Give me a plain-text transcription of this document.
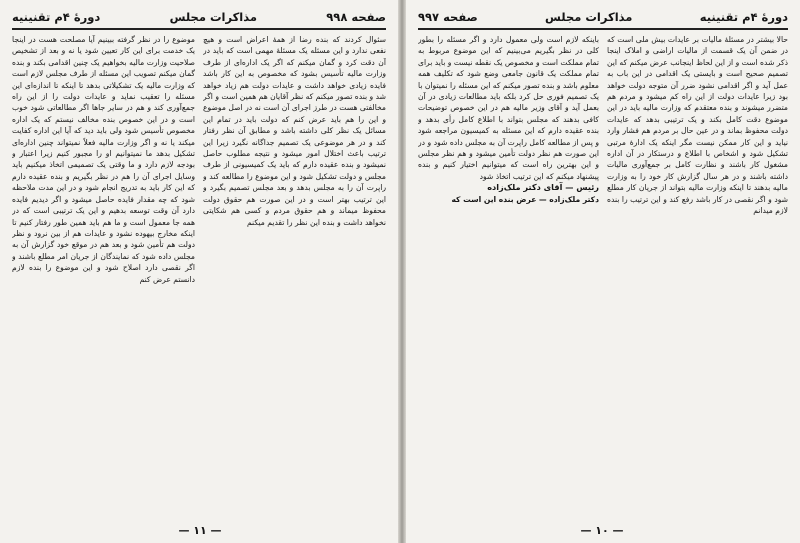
صفحه ۹۹۸
مذاکرات مجلس
دورهٔ ۴م تقنینیه

سئوال کردند که بنده رضا از همهٔ اعراض است و هیچ نفعی ندارد و این مسئله یک مسئلهٔ مهمی است که باید در آن دقت کرد و گمان میکنم که اگر یک اداره‌ای از طرف وزارت مالیه تأسیس بشود که مخصوص به این کار باشد فایده زیادی خواهد داشت و عایدات دولت هم زیاد خواهد شد و بنده تصور میکنم که نظر آقایان هم همین است و اگر مخالفتی هست در طرز اجرای آن است نه در اصل موضوع و این را هم باید عرض کنم که دولت باید در تمام این مسائل یک نظر کلی داشته باشد و مطابق آن نظر رفتار کند و در هر موضوعی یک تصمیم جداگانه نگیرد زیرا این ترتیب باعث اختلال امور میشود و نتیجه مطلوب حاصل نمیشود و بنده عقیده دارم که باید یک کمیسیونی از طرف مجلس و دولت تشکیل شود و این موضوع را مطالعه کند و راپرت آن را به مجلس بدهد و بعد مجلس تصمیم بگیرد و این ترتیب بهتر است و در این صورت هم حقوق دولت محفوظ میماند و هم حقوق مردم و کسی هم شکایتی نخواهد داشت و بنده این نظر را تقدیم میکنم

موضوع را در نظر گرفته ببینیم آیا مصلحت هست در اینجا یک خدمت برای این کار تعیین شود یا نه و بعد از تشخیص صلاحیت وزارت مالیه بخواهیم یک چنین اقدامی بکند و بنده گمان میکنم تصویب این مسئله از طرف مجلس لازم است که وزارت مالیه یک تشکیلاتی بدهد تا اینکه تا اندازه‌ای این مسئله را تعقیب نماید و عایدات دولت را از این راه جمع‌آوری کند و هم در سایر جاها اگر مطالعاتی شود خوب است و در این خصوص بنده مخالف نیستم که یک اداره مخصوص تأسیس شود ولی باید دید که آیا این اداره کفایت میکند یا نه و اگر وزارت مالیه فعلاً نمیتواند چنین اداره‌ای تشکیل بدهد ما نمیتوانیم او را مجبور کنیم زیرا اعتبار و بودجه لازم دارد و ما وقتی یک تصمیمی اتخاذ میکنیم باید وسایل اجرای آن را هم در نظر بگیریم و بنده عقیده دارم که این کار باید به تدریج انجام شود و در این مدت ملاحظه شود که چه مقدار فایده حاصل میشود و اگر دیدیم فایده دارد آن وقت توسعه بدهیم و این یک ترتیبی است که در همه جا معمول است و ما هم باید همین طور رفتار کنیم تا اینکه مخارج بیهوده نشود و عایدات هم از بین نرود و نظر دولت هم تأمین شود و بعد هم در موقع خود گزارش آن به مجلس داده شود که نمایندگان از جریان امر مطلع باشند و اگر نقصی دارد اصلاح شود و این موضوع را بنده لازم دانستم عرض کنم

— ۱۱ —
دورهٔ ۴م تقنینیه
مذاکرات مجلس
صفحه ۹۹۷

حالا بیشتر در مسئلهٔ مالیات بر عایدات بیش ملی است که در ضمن آن یک قسمت از مالیات اراضی و املاک اینجا ذکر شده است و از این لحاظ اینجانب عرض میکنم که این تصمیم صحیح است و بایستی یک اقدامی در این باب به عمل آید و اگر اقدامی نشود ضرر آن متوجه دولت خواهد بود زیرا عایدات دولت از این راه کم میشود و مردم هم متضرر میشوند و بنده معتقدم که وزارت مالیه باید در این موضوع دقت کامل بکند و یک ترتیبی بدهد که عایدات دولت محفوظ بماند و در عین حال بر مردم هم فشار وارد نیاید و این کار ممکن نیست مگر اینکه یک ادارهٔ مرتبی تشکیل شود و اشخاص با اطلاع و درستکار در آن اداره مشغول کار باشند و نظارت کامل بر جمع‌آوری مالیات داشته باشند و در هر سال گزارش کار خود را به وزارت مالیه بدهند تا اینکه وزارت مالیه بتواند از جریان کار مطلع شود و اگر نقصی در کار باشد رفع کند و این ترتیب را بنده لازم میدانم

باینکه لازم است ولی معمول دارد و اگر مسئله را بطور کلی در نظر بگیریم می‌بینیم که این موضوع مربوط به تمام مملکت است و مخصوص یک نقطه نیست و باید برای تمام مملکت یک قانون جامعی وضع شود که تکلیف همه معلوم باشد و بنده تصور میکنم که این مسئله را نمیتوان با یک تصمیم فوری حل کرد بلکه باید مطالعات زیادی در آن بعمل آید و آقای وزیر مالیه هم در این خصوص توضیحات کافی بدهند که مجلس بتواند با اطلاع کامل رأی بدهد و بنده عقیده دارم که این مسئله به کمیسیون مراجعه شود و پس از مطالعه کامل راپرت آن به مجلس داده شود و در این صورت هم نظر دولت تأمین میشود و هم نظر مجلس و این بهترین راه است که میتوانیم اختیار کنیم و بنده پیشنهاد میکنم که این ترتیب اتخاذ شود

رئیس — آقای دکتر ملک‌زاده

دکتر ملک‌زاده — عرض بنده این است که

— ۱۰ —
